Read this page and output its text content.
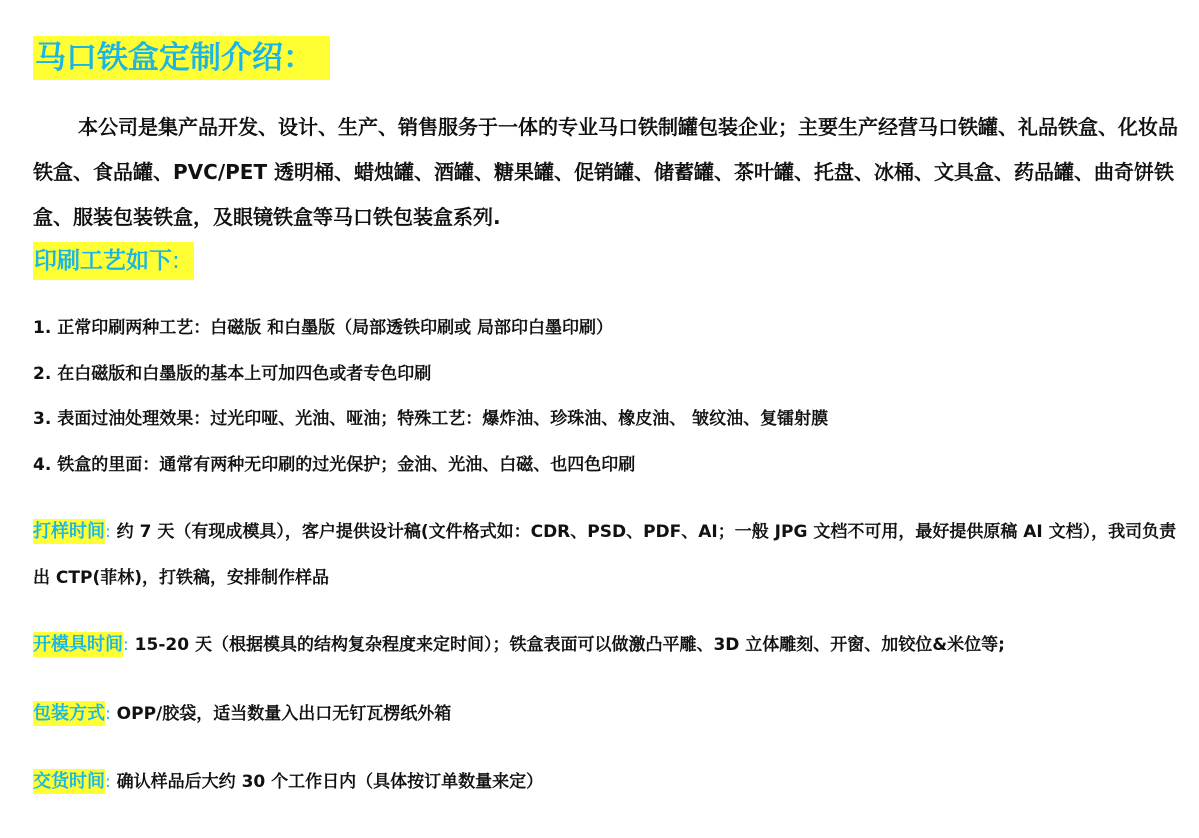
马口铁盒定制介绍：

本公司是集产品开发、设计、生产、销售服务于一体的专业马口铁制罐包装企业；主要生产经营马口铁罐、礼品铁盒、化妆品铁盒、食品罐、PVC/PET 透明桶、蜡烛罐、酒罐、糖果罐、促销罐、储蓄罐、茶叶罐、托盘、冰桶、文具盒、药品罐、曲奇饼铁盒、服装包装铁盒，及眼镜铁盒等马口铁包装盒系列.

印刷工艺如下:
1. 正常印刷两种工艺：白磁版 和白墨版（局部透铁印刷或 局部印白墨印刷）
2. 在白磁版和白墨版的基本上可加四色或者专色印刷
3. 表面过油处理效果：过光印哑、光油、哑油；特殊工艺：爆炸油、珍珠油、橡皮油、 皱纹油、复镭射膜
4. 铁盒的里面：通常有两种无印刷的过光保护；金油、光油、白磁、也四色印刷

打样时间: 约 7 天（有现成模具），客户提供设计稿(文件格式如：CDR、PSD、PDF、AI；一般 JPG 文档不可用，最好提供原稿 AI 文档），我司负责出 CTP(菲林)，打铁稿，安排制作样品

开模具时间: 15-20 天（根据模具的结构复杂程度来定时间）；铁盒表面可以做激凸平雕、3D 立体雕刻、开窗、加铰位&米位等;

包装方式: OPP/胶袋，适当数量入出口无钉瓦楞纸外箱

交货时间: 确认样品后大约 30 个工作日内（具体按订单数量来定）
